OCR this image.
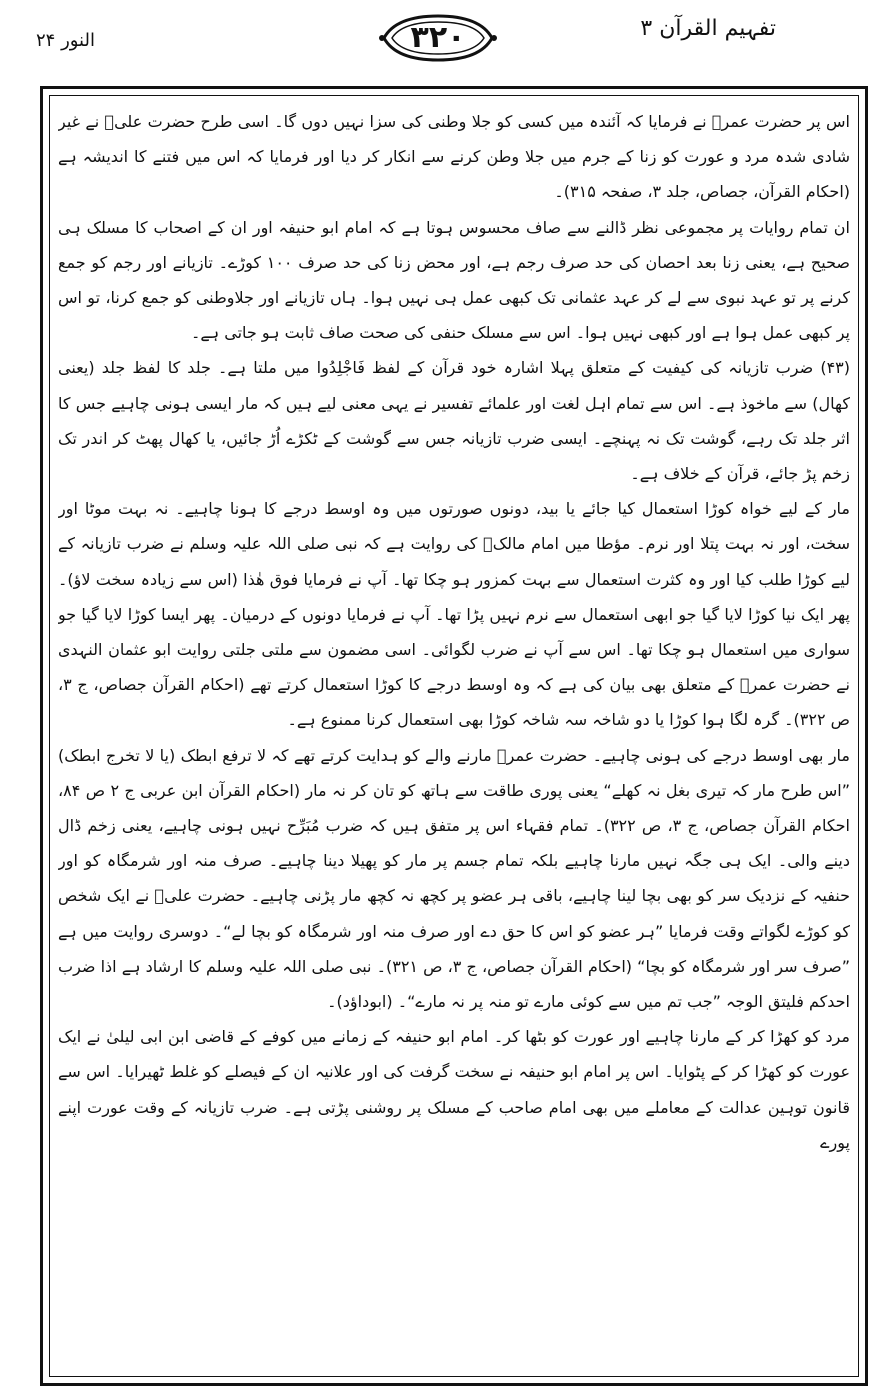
تفہیم القرآن ۳
۳۲۰
النور ۲۴

اس پر حضرت عمرؓ نے فرمایا کہ آئندہ میں کسی کو جلا وطنی کی سزا نہیں دوں گا۔ اسی طرح حضرت علیؓ نے غیر شادی شدہ مرد و عورت کو زنا کے جرم میں جلا وطن کرنے سے انکار کر دیا اور فرمایا کہ اس میں فتنے کا اندیشہ ہے (احکام القرآن، جصاص، جلد ۳، صفحہ ۳۱۵)۔

ان تمام روایات پر مجموعی نظر ڈالنے سے صاف محسوس ہوتا ہے کہ امام ابو حنیفہ اور ان کے اصحاب کا مسلک ہی صحیح ہے، یعنی زنا بعد احصان کی حد صرف رجم ہے، اور محض زنا کی حد صرف ۱۰۰ کوڑے۔ تازیانے اور رجم کو جمع کرنے پر تو عہد نبوی سے لے کر عہد عثمانی تک کبھی عمل ہی نہیں ہوا۔ ہاں تازیانے اور جلاوطنی کو جمع کرنا، تو اس پر کبھی عمل ہوا ہے اور کبھی نہیں ہوا۔ اس سے مسلک حنفی کی صحت صاف ثابت ہو جاتی ہے۔

(۴۳) ضرب تازیانہ کی کیفیت کے متعلق پہلا اشارہ خود قرآن کے لفظ فَاجْلِدُوا میں ملتا ہے۔ جلد کا لفظ جلد (یعنی کھال) سے ماخوذ ہے۔ اس سے تمام اہل لغت اور علمائے تفسیر نے یہی معنی لیے ہیں کہ مار ایسی ہونی چاہیے جس کا اثر جلد تک رہے، گوشت تک نہ پہنچے۔ ایسی ضرب تازیانہ جس سے گوشت کے ٹکڑے اُڑ جائیں، یا کھال پھٹ کر اندر تک زخم پڑ جائے، قرآن کے خلاف ہے۔

مار کے لیے خواہ کوڑا استعمال کیا جائے یا بید، دونوں صورتوں میں وہ اوسط درجے کا ہونا چاہیے۔ نہ بہت موٹا اور سخت، اور نہ بہت پتلا اور نرم۔ مؤطا میں امام مالکؒ کی روایت ہے کہ نبی صلی اللہ علیہ وسلم نے ضرب تازیانہ کے لیے کوڑا طلب کیا اور وہ کثرت استعمال سے بہت کمزور ہو چکا تھا۔ آپ نے فرمایا فوق ھٰذا (اس سے زیادہ سخت لاؤ)۔ پھر ایک نیا کوڑا لایا گیا جو ابھی استعمال سے نرم نہیں پڑا تھا۔ آپ نے فرمایا دونوں کے درمیان۔ پھر ایسا کوڑا لایا گیا جو سواری میں استعمال ہو چکا تھا۔ اس سے آپ نے ضرب لگوائی۔ اسی مضمون سے ملتی جلتی روایت ابو عثمان النہدی نے حضرت عمرؓ کے متعلق بھی بیان کی ہے کہ وہ اوسط درجے کا کوڑا استعمال کرتے تھے (احکام القرآن جصاص، ج ۳، ص ۳۲۲)۔ گرہ لگا ہوا کوڑا یا دو شاخہ سہ شاخہ کوڑا بھی استعمال کرنا ممنوع ہے۔

مار بھی اوسط درجے کی ہونی چاہیے۔ حضرت عمرؓ مارنے والے کو ہدایت کرتے تھے کہ لا ترفع ابطک (یا لا تخرج ابطک) ”اس طرح مار کہ تیری بغل نہ کھلے“ یعنی پوری طاقت سے ہاتھ کو تان کر نہ مار (احکام القرآن ابن عربی ج ۲ ص ۸۴، احکام القرآن جصاص، ج ۳، ص ۳۲۲)۔ تمام فقہاء اس پر متفق ہیں کہ ضرب مُبَرِّح نہیں ہونی چاہیے، یعنی زخم ڈال دینے والی۔ ایک ہی جگہ نہیں مارنا چاہیے بلکہ تمام جسم پر مار کو پھیلا دینا چاہیے۔ صرف منہ اور شرمگاہ کو اور حنفیہ کے نزدیک سر کو بھی بچا لینا چاہیے، باقی ہر عضو پر کچھ نہ کچھ مار پڑنی چاہیے۔ حضرت علیؓ نے ایک شخص کو کوڑے لگواتے وقت فرمایا ”ہر عضو کو اس کا حق دے اور صرف منہ اور شرمگاہ کو بچا لے“۔ دوسری روایت میں ہے ”صرف سر اور شرمگاہ کو بچا“ (احکام القرآن جصاص، ج ۳، ص ۳۲۱)۔ نبی صلی اللہ علیہ وسلم کا ارشاد ہے اذا ضرب احدکم فلیتق الوجہ ”جب تم میں سے کوئی مارے تو منہ پر نہ مارے“۔ (ابوداؤد)۔

مرد کو کھڑا کر کے مارنا چاہیے اور عورت کو بٹھا کر۔ امام ابو حنیفہ کے زمانے میں کوفے کے قاضی ابن ابی لیلیٰ نے ایک عورت کو کھڑا کر کے پٹوایا۔ اس پر امام ابو حنیفہ نے سخت گرفت کی اور علانیہ ان کے فیصلے کو غلط ٹھیرایا۔ اس سے قانون توہین عدالت کے معاملے میں بھی امام صاحب کے مسلک پر روشنی پڑتی ہے۔ ضرب تازیانہ کے وقت عورت اپنے پورے
